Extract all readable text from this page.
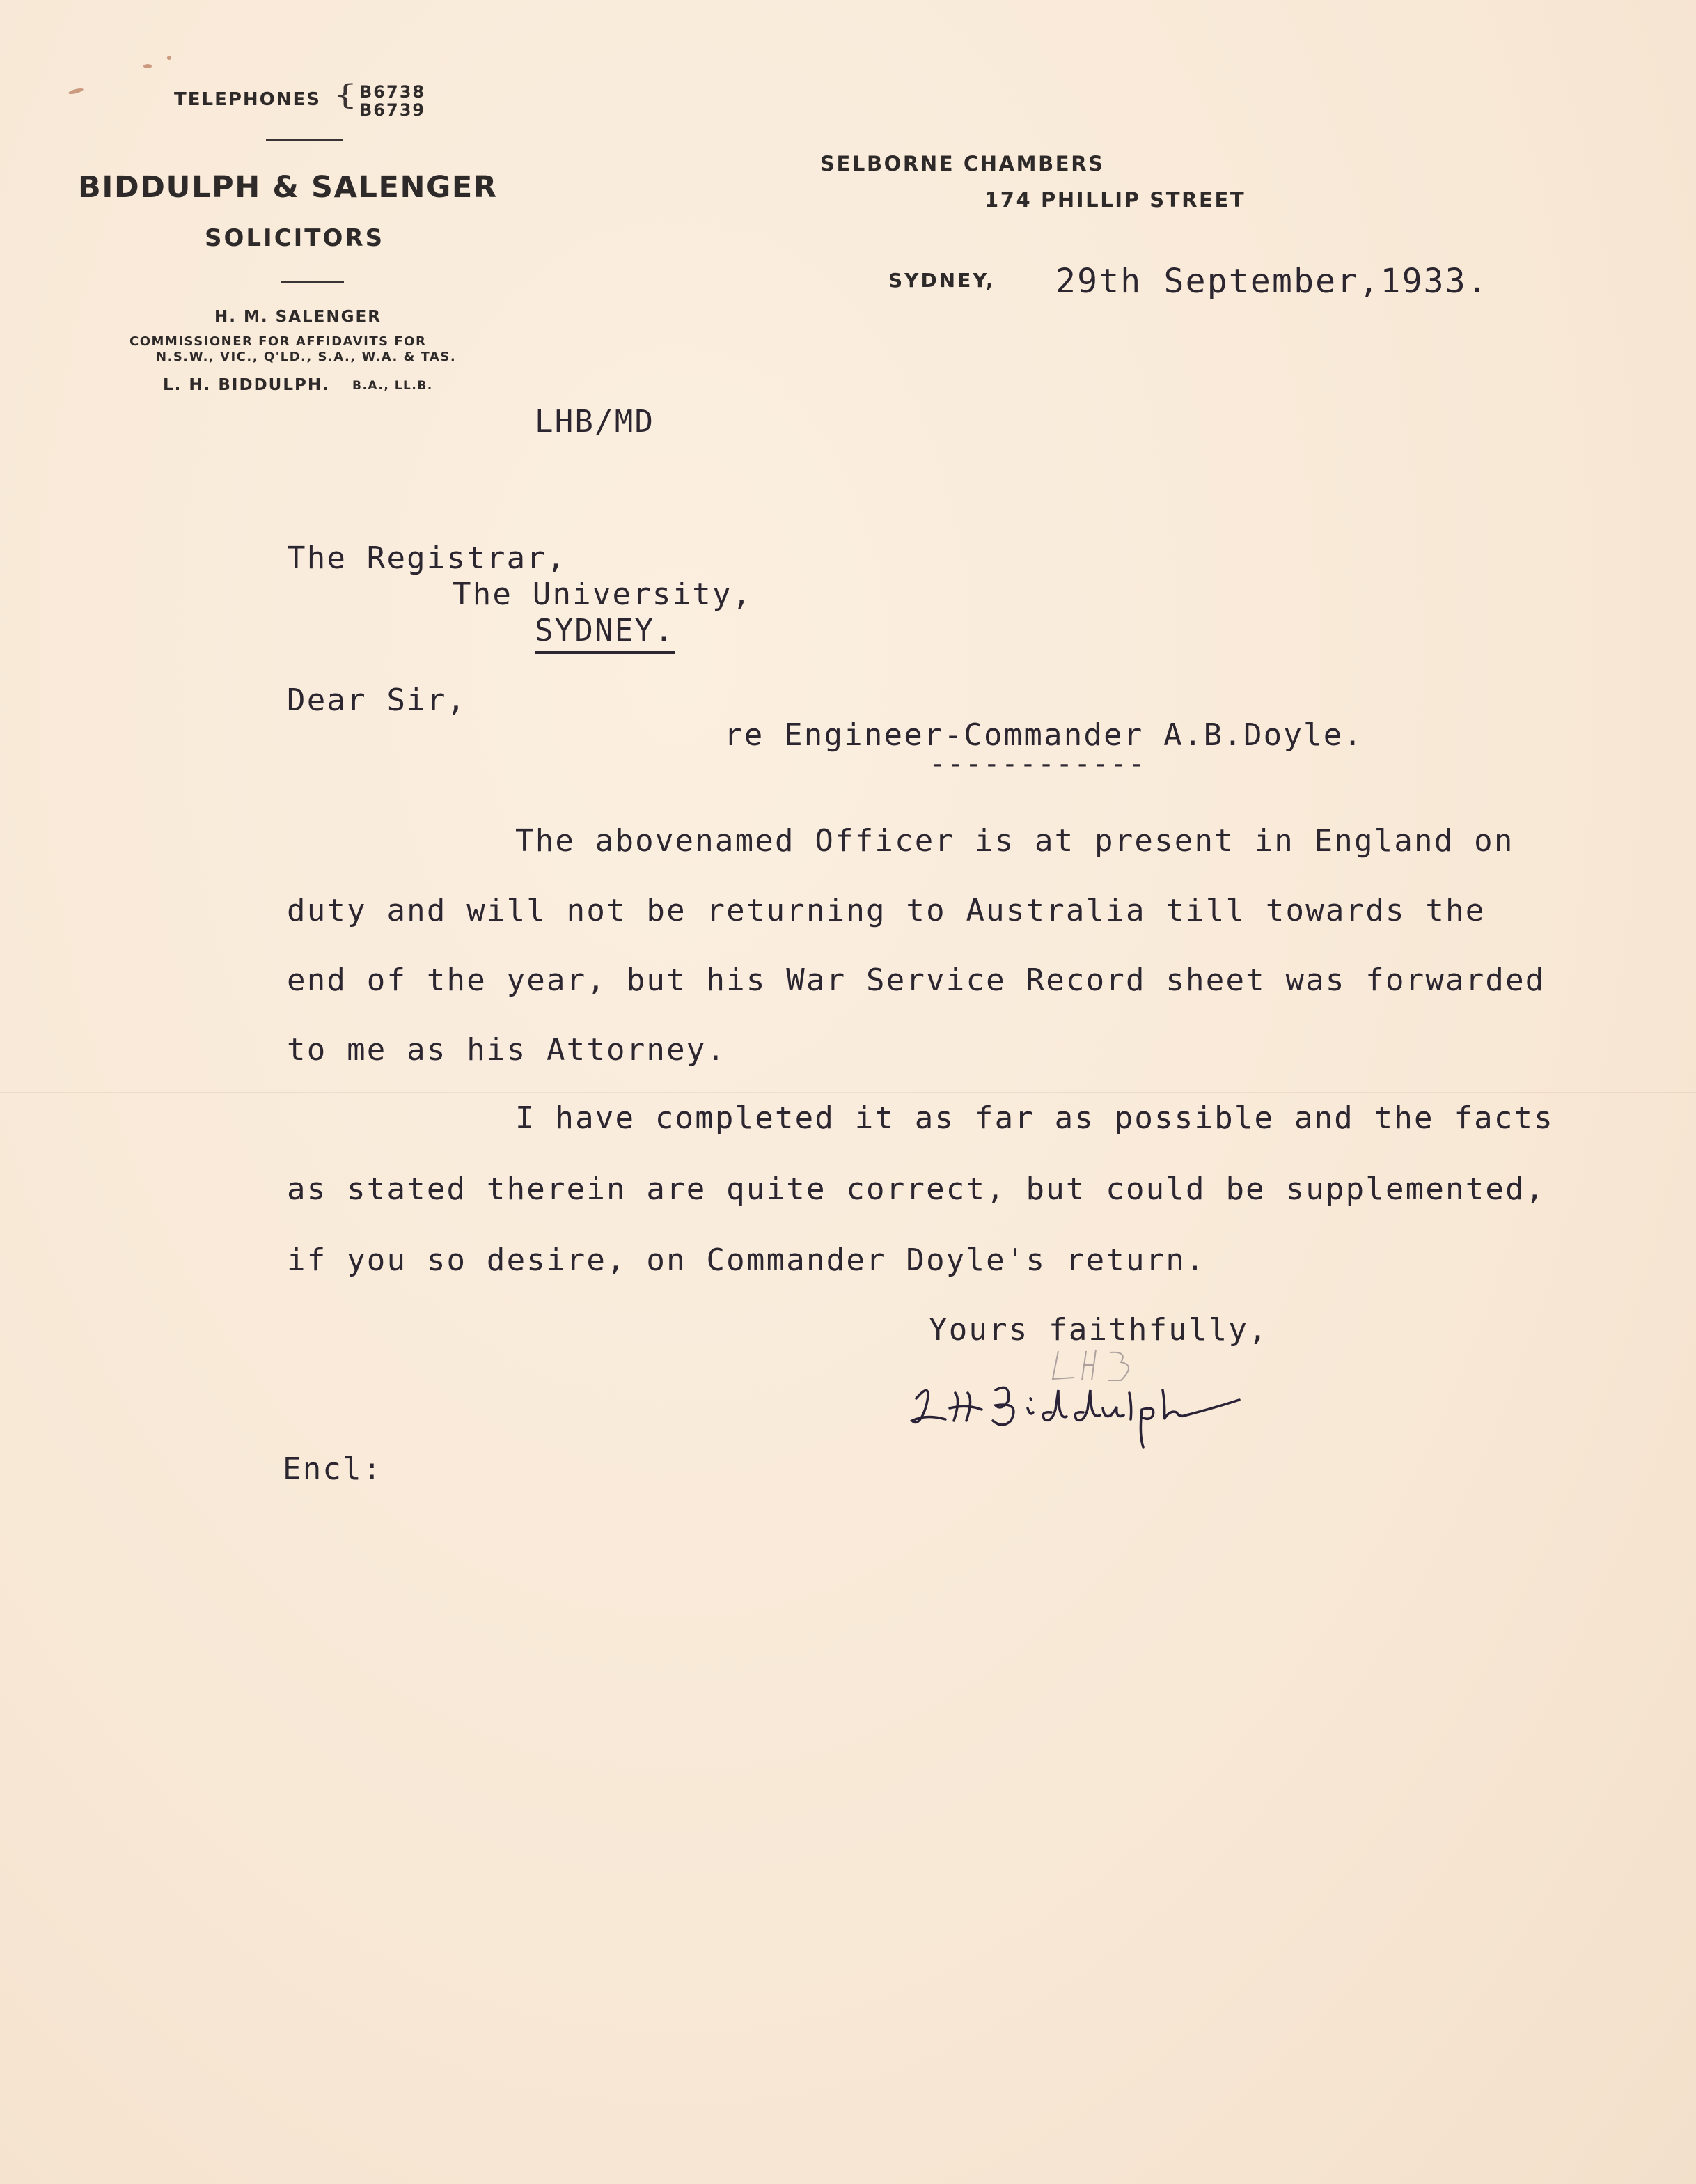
TELEPHONES { B6738
B6739
BIDDULPH & SALENGER
SOLICITORS
H. M. SALENGER
COMMISSIONER FOR AFFIDAVITS FOR
N.S.W., VIC., Q'LD., S.A., W.A. & TAS.
L. H. BIDDULPH. B.A., LL.B.
SELBORNE CHAMBERS
174 PHILLIP STREET
SYDNEY, 29th September,1933.
LHB/MD
The Registrar,
The University,
SYDNEY.
Dear Sir,
re Engineer-Commander A.B.Doyle.
------------
The abovenamed Officer is at present in England on
duty and will not be returning to Australia till towards the
end of the year, but his War Service Record sheet was forwarded
to me as his Attorney.
I have completed it as far as possible and the facts
as stated therein are quite correct, but could be supplemented,
if you so desire, on Commander Doyle's return.
Yours faithfully,
Encl:
